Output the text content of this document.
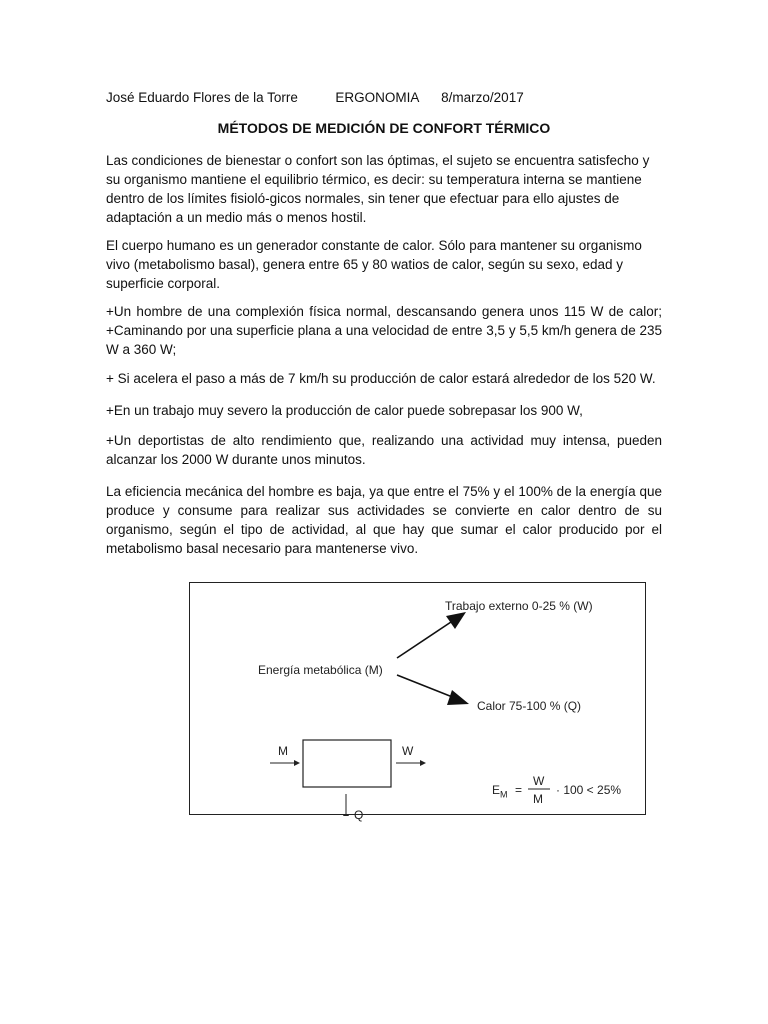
José Eduardo Flores de la Torre	ERGONOMIA 8/marzo/2017
MÉTODOS DE MEDICIÓN DE CONFORT TÉRMICO

Las condiciones de bienestar o confort son las óptimas, el sujeto se encuentra satisfecho y su organismo mantiene el equilibrio térmico, es decir: su temperatura interna se mantiene dentro de los límites fisioló-gicos normales, sin tener que efectuar para ello ajustes de adaptación a un medio más o menos hostil.

El cuerpo humano es un generador constante de calor. Sólo para mantener su organismo vivo (metabolismo basal), genera entre 65 y 80 watios de calor, según su sexo, edad y superficie corporal.

+Un hombre de una complexión física normal, descansando genera unos 115 W de calor; +Caminando por una superficie plana a una velocidad de entre 3,5 y 5,5 km/h genera de 235 W a 360 W;

+ Si acelera el paso a más de 7 km/h su producción de calor estará alrededor de los 520 W.

+En un trabajo muy severo la producción de calor puede sobrepasar los 900 W,

+Un deportistas de alto rendimiento que, realizando una actividad muy intensa, pueden alcanzar los 2000 W durante unos minutos.

La eficiencia mecánica del hombre es baja, ya que entre el 75% y el 100% de la energía que produce y consume para realizar sus actividades se convierte en calor dentro de su organismo, según el tipo de actividad, al que hay que sumar el calor producido por el metabolismo basal necesario para mantenerse vivo.

Energía metabólica (M)
Trabajo externo 0-25 % (W)
Calor 75-100 % (Q)
M	W
Q
$E_M$ =
W
M
· 100 < 25%
